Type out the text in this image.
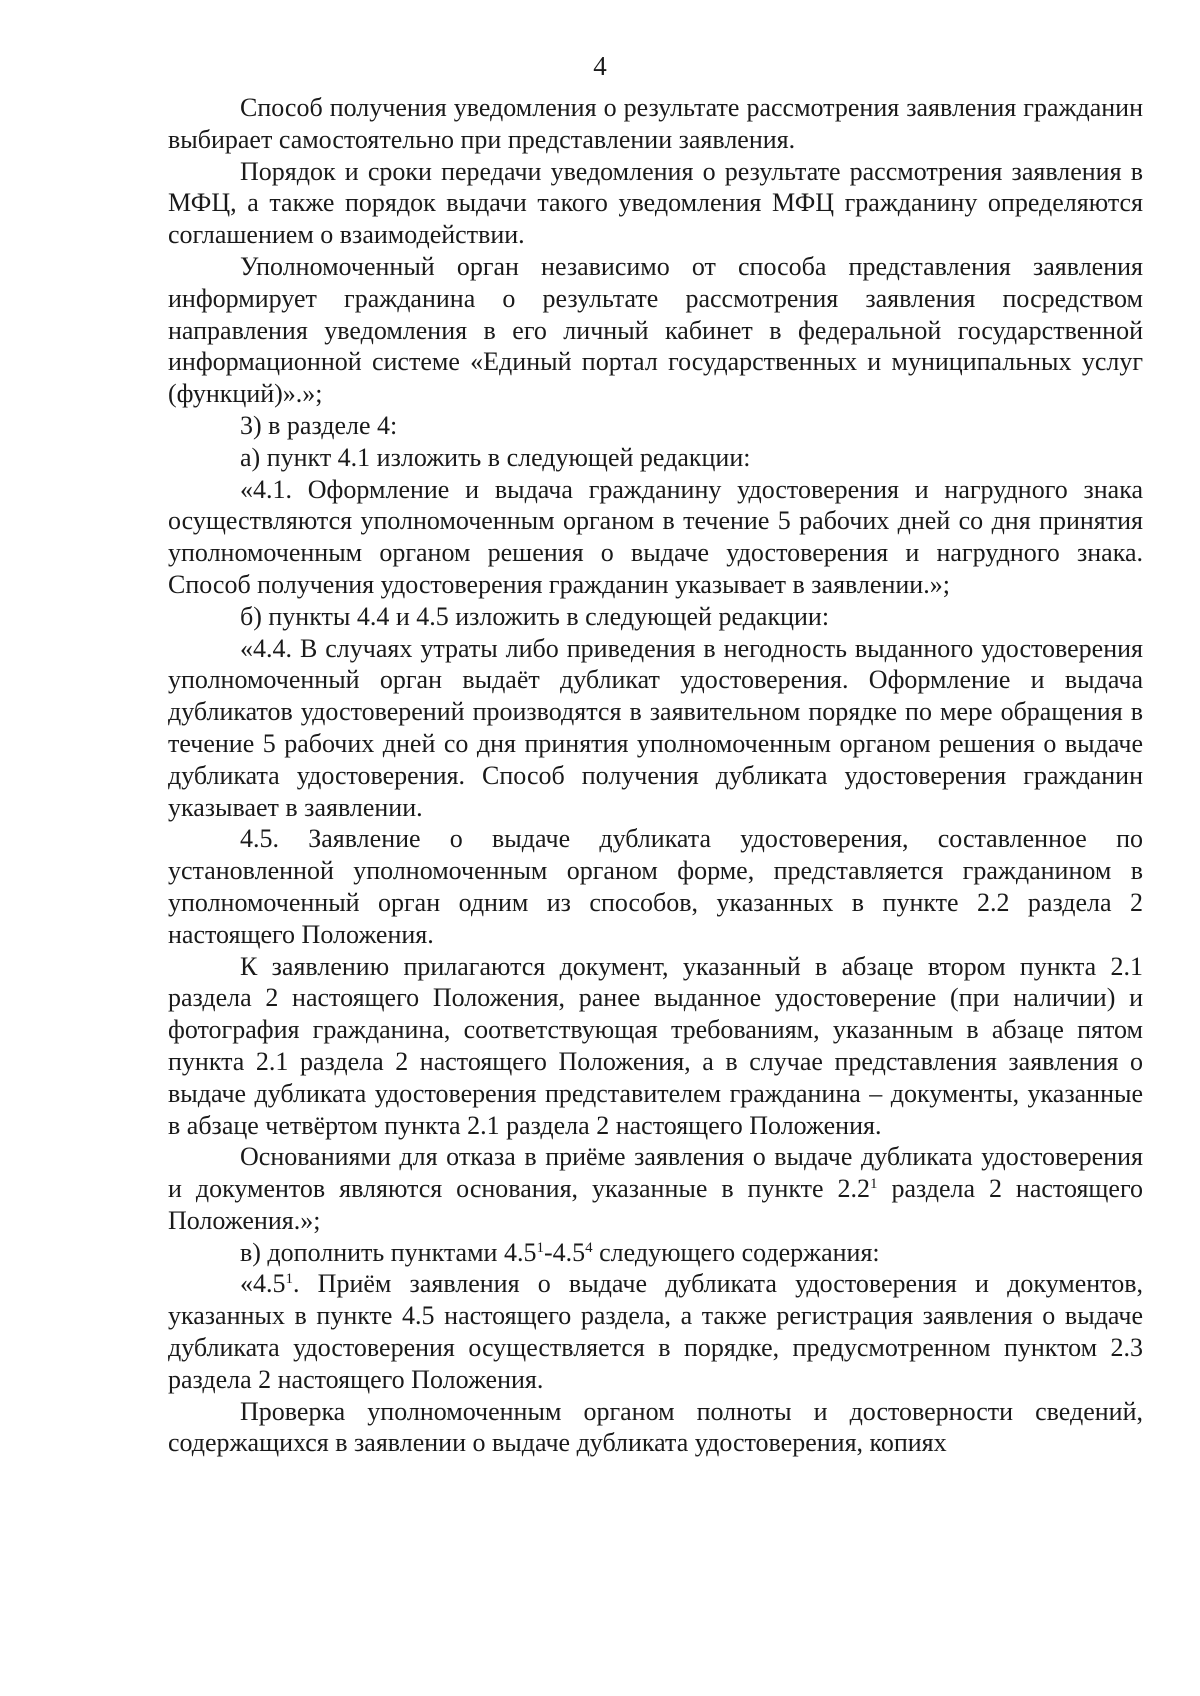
4

Способ получения уведомления о результате рассмотрения заявления гражданин выбирает самостоятельно при представлении заявления.

Порядок и сроки передачи уведомления о результате рассмотрения заявления в МФЦ, а также порядок выдачи такого уведомления МФЦ гражданину определяются соглашением о взаимодействии.

Уполномоченный орган независимо от способа представления заявления информирует гражданина о результате рассмотрения заявления посредством направления уведомления в его личный кабинет в федеральной государственной информационной системе «Единый портал государственных и муниципальных услуг (функций)».»;

3) в разделе 4:

а) пункт 4.1 изложить в следующей редакции:

«4.1. Оформление и выдача гражданину удостоверения и нагрудного знака осуществляются уполномоченным органом в течение 5 рабочих дней со дня принятия уполномоченным органом решения о выдаче удостоверения и нагрудного знака. Способ получения удостоверения гражданин указывает в заявлении.»;

б) пункты 4.4 и 4.5 изложить в следующей редакции:

«4.4. В случаях утраты либо приведения в негодность выданного удостоверения уполномоченный орган выдаёт дубликат удостоверения. Оформление и выдача дубликатов удостоверений производятся в заявительном порядке по мере обращения в течение 5 рабочих дней со дня принятия уполномоченным органом решения о выдаче дубликата удостоверения. Способ получения дубликата удостоверения гражданин указывает в заявлении.

4.5. Заявление о выдаче дубликата удостоверения, составленное по установленной уполномоченным органом форме, представляется гражданином в уполномоченный орган одним из способов, указанных в пункте 2.2 раздела 2 настоящего Положения.

К заявлению прилагаются документ, указанный в абзаце втором пункта 2.1 раздела 2 настоящего Положения, ранее выданное удостоверение (при наличии) и фотография гражданина, соответствующая требованиям, указанным в абзаце пятом пункта 2.1 раздела 2 настоящего Положения, а в случае представления заявления о выдаче дубликата удостоверения представителем гражданина – документы, указанные в абзаце четвёртом пункта 2.1 раздела 2 настоящего Положения.

Основаниями для отказа в приёме заявления о выдаче дубликата удостоверения и документов являются основания, указанные в пункте $2.2^1$ раздела 2 настоящего Положения.»;

в) дополнить пунктами $4.5^1-4.5^4$ следующего содержания:

«$4.5^1$. Приём заявления о выдаче дубликата удостоверения и документов, указанных в пункте 4.5 настоящего раздела, а также регистрация заявления о выдаче дубликата удостоверения осуществляется в порядке, предусмотренном пунктом 2.3 раздела 2 настоящего Положения.

Проверка уполномоченным органом полноты и достоверности сведений, содержащихся в заявлении о выдаче дубликата удостоверения, копиях
